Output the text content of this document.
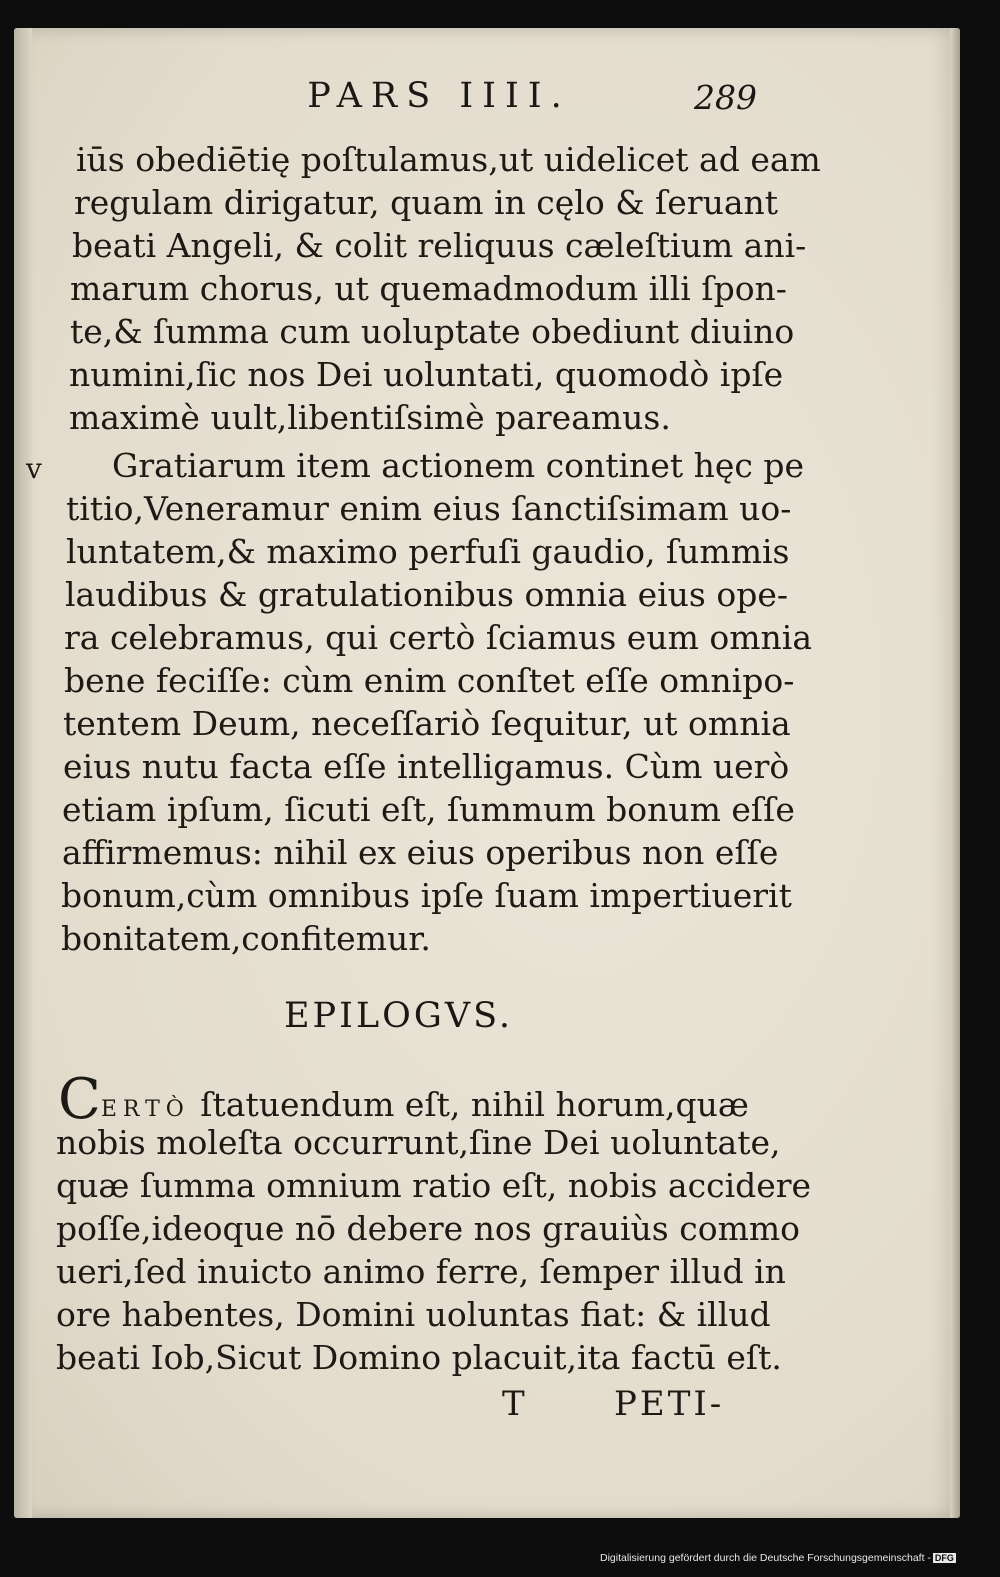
PARS IIII.	289
iūs obediētię poſtulamus,ut uidelicet ad eam
regulam dirigatur, quam in cęlo & ſeruant
beati Angeli, & colit reliquus cæleſtium ani-
marum chorus, ut quemadmodum illi ſpon-
te,& ſumma cum uoluptate obediunt diuino
numini,ſic nos Dei uoluntati, quomodò ipſe
maximè uult,libentiſsimè pareamus.
v Gratiarum item actionem continet hęc pe
titio,Veneramur enim eius ſanctiſsimam uo-
luntatem,& maximo perfuſi gaudio, ſummis
laudibus & gratulationibus omnia eius ope-
ra celebramus, qui certò ſciamus eum omnia
bene feciſſe: cùm enim conſtet eſſe omnipo-
tentem Deum, neceſſariò ſequitur, ut omnia
eius nutu facta eſſe intelligamus. Cùm uerò
etiam ipſum, ſicuti eſt, ſummum bonum eſſe
affirmemus: nihil ex eius operibus non eſſe
bonum,cùm omnibus ipſe ſuam impertiuerit
bonitatem,confitemur.
EPILOGVS.
CERTÒ ſtatuendum eſt, nihil horum,quæ
nobis moleſta occurrunt,ſine Dei uoluntate,
quæ ſumma omnium ratio eſt, nobis accidere
poſſe,ideoque nō debere nos grauiùs commo
ueri,ſed inuicto animo ferre, ſemper illud in
ore habentes, Domini uoluntas fiat: & illud
beati Iob,Sicut Domino placuit,ita factū eſt.
T	PETI-
Digitalisierung gefördert durch die Deutsche Forschungsgemeinschaft - DFG
